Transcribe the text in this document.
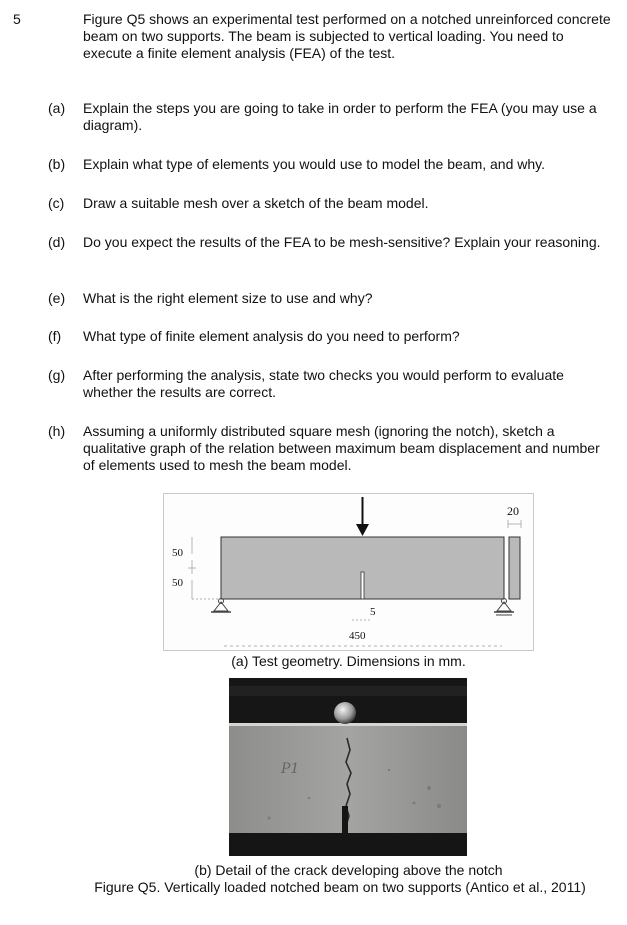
5	Figure Q5 shows an experimental test performed on a notched unreinforced concrete beam on two supports. The beam is subjected to vertical loading. You need to execute a finite element analysis (FEA) of the test.
(a)	Explain the steps you are going to take in order to perform the FEA (you may use a diagram).
(b)	Explain what type of elements you would use to model the beam, and why.
(c)	Draw a suitable mesh over a sketch of the beam model.
(d)	Do you expect the results of the FEA to be mesh-sensitive? Explain your reasoning.
(e)	What is the right element size to use and why?
(f)	What type of finite element analysis do you need to perform?
(g)	After performing the analysis, state two checks you would perform to evaluate whether the results are correct.
(h)	Assuming a uniformly distributed square mesh (ignoring the notch), sketch a qualitative graph of the relation between maximum beam displacement and number of elements used to mesh the beam model.
50
50
20
5
450
(a) Test geometry. Dimensions in mm.
P1
(b) Detail of the crack developing above the notch
Figure Q5. Vertically loaded notched beam on two supports (Antico et al., 2011)
